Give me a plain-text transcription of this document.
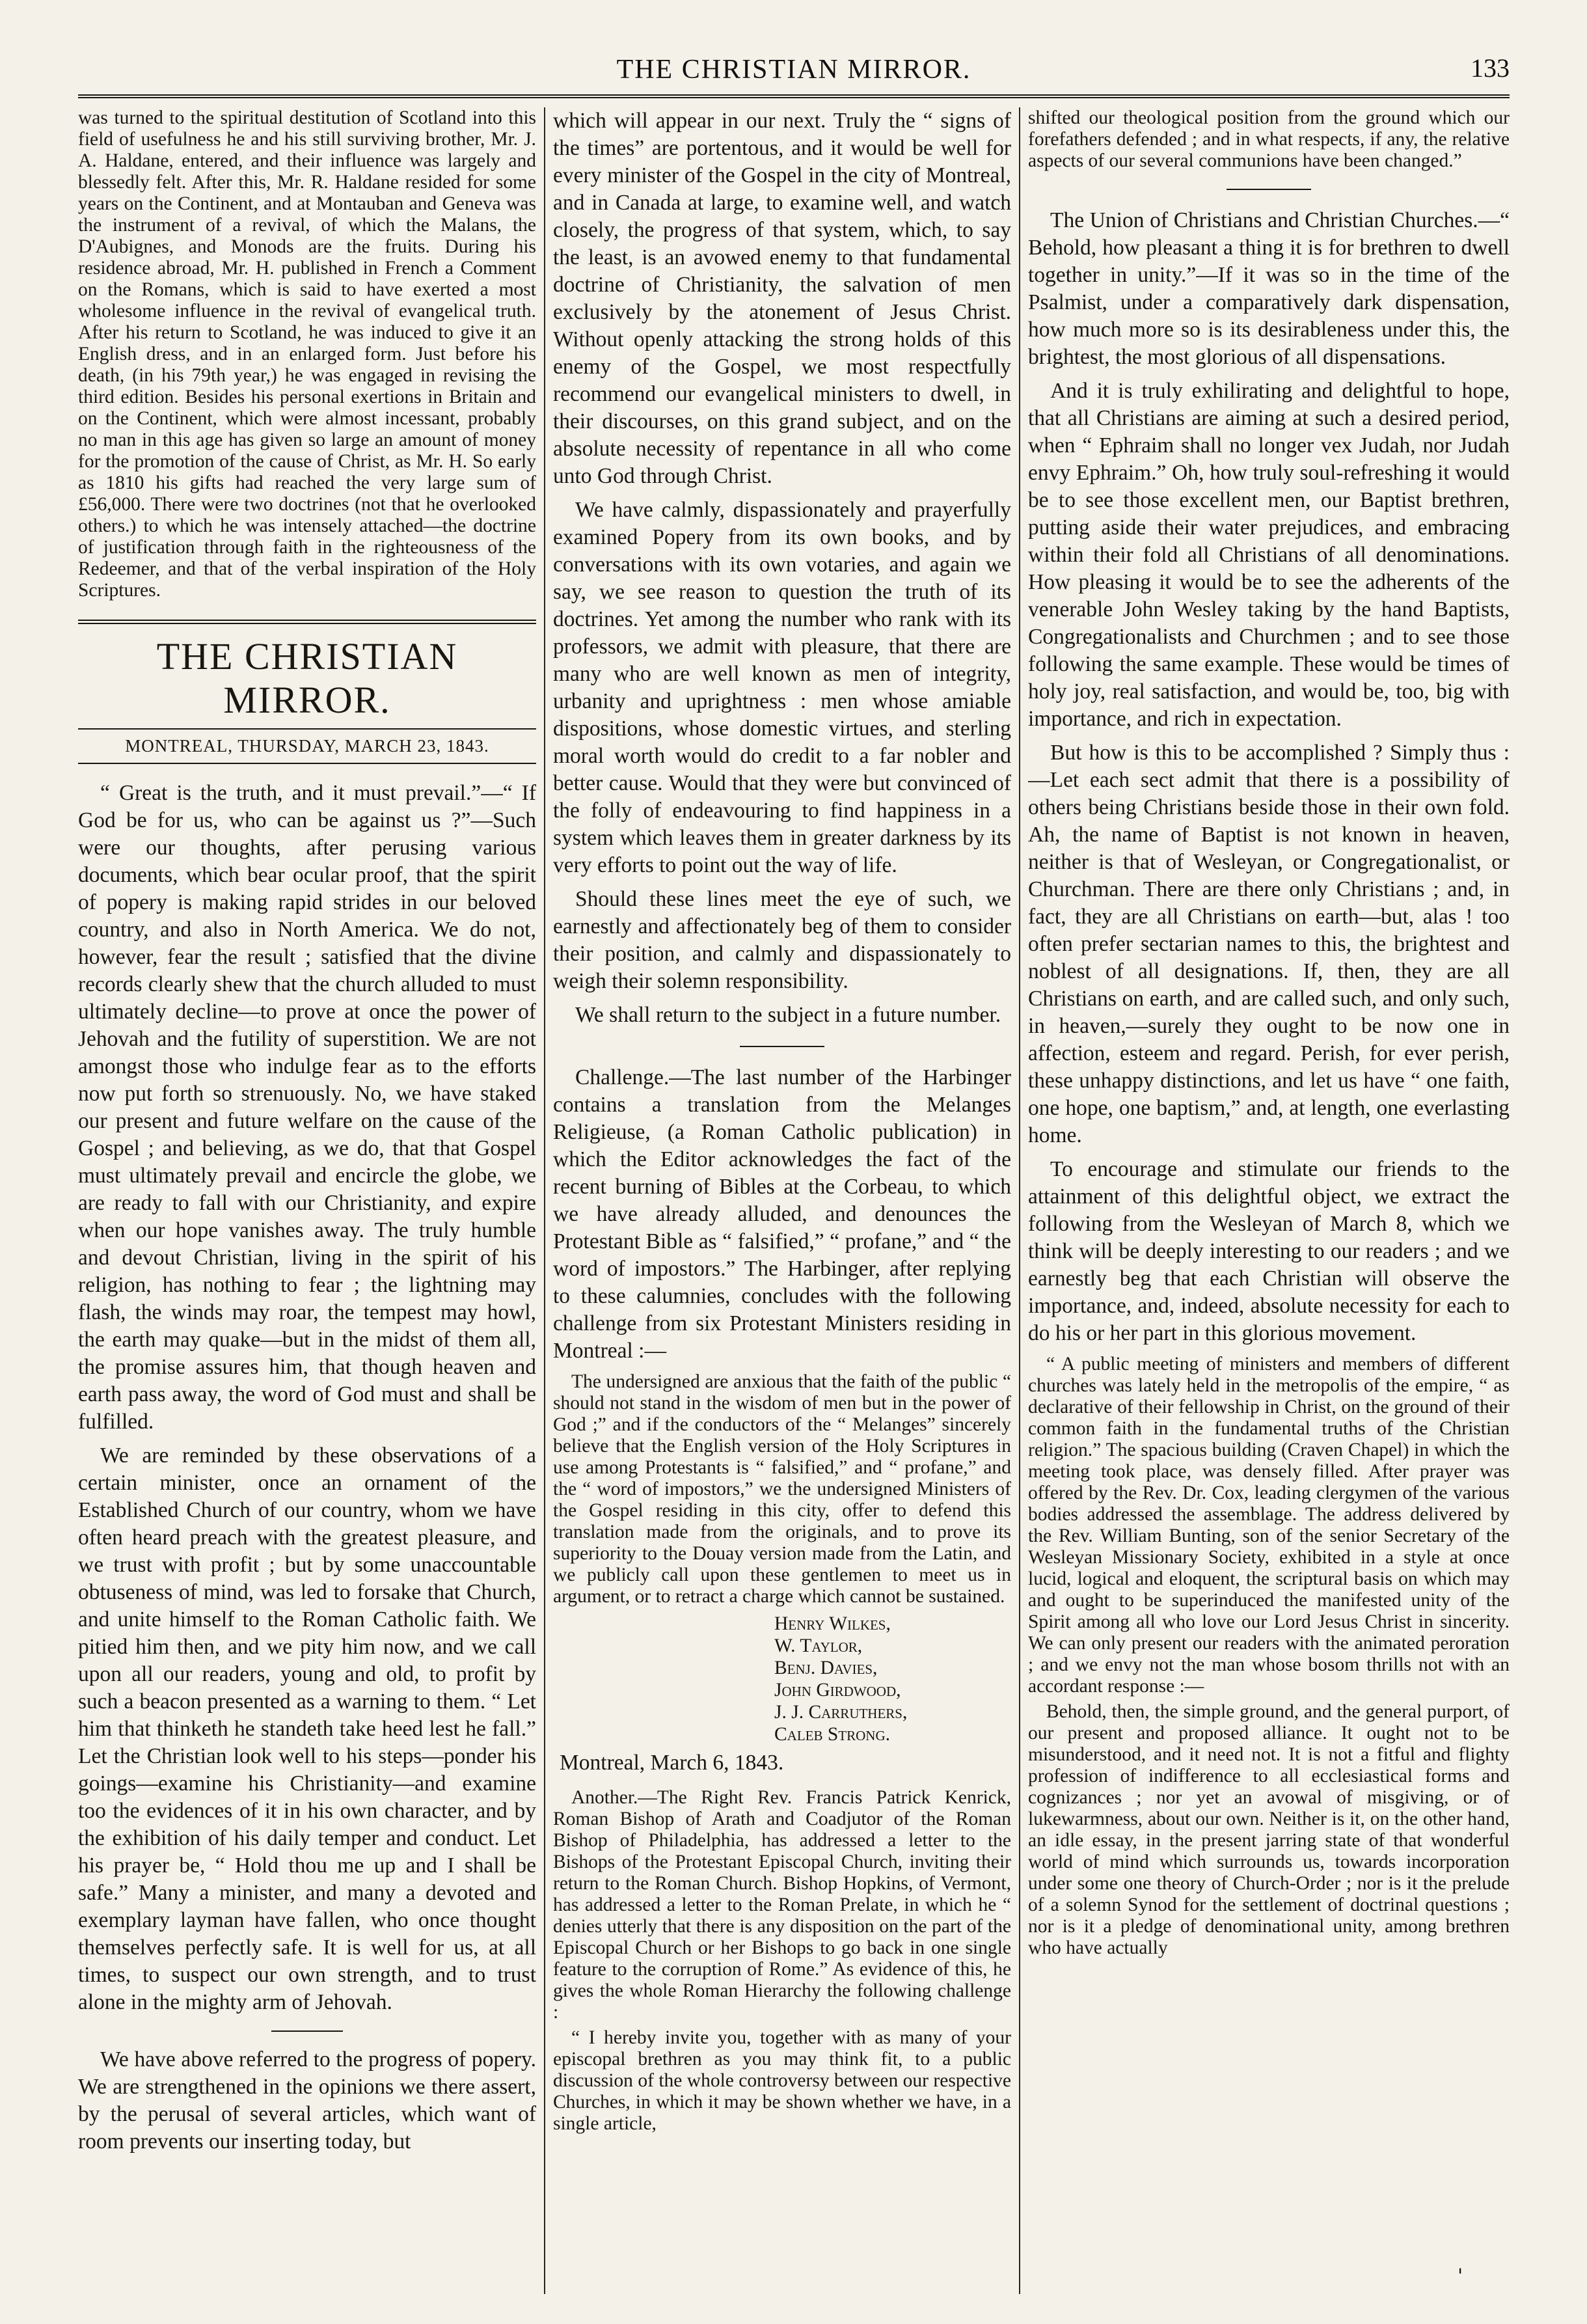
THE CHRISTIAN MIRROR.	133

was turned to the spiritual destitution of Scotland into this field of usefulness he and his still surviving brother, Mr. J. A. Haldane, entered, and their influence was largely and blessedly felt. After this, Mr. R. Haldane resided for some years on the Continent, and at Montauban and Geneva was the instrument of a revival, of which the Malans, the D'Aubignes, and Monods are the fruits. During his residence abroad, Mr. H. published in French a Comment on the Romans, which is said to have exerted a most wholesome influence in the revival of evangelical truth. After his return to Scotland, he was induced to give it an English dress, and in an enlarged form. Just before his death, (in his 79th year,) he was engaged in revising the third edition. Besides his personal exertions in Britain and on the Continent, which were almost incessant, probably no man in this age has given so large an amount of money for the promotion of the cause of Christ, as Mr. H. So early as 1810 his gifts had reached the very large sum of £56,000. There were two doctrines (not that he overlooked others.) to which he was intensely attached—the doctrine of justification through faith in the righteousness of the Redeemer, and that of the verbal inspiration of the Holy Scriptures.

THE CHRISTIAN MIRROR.

MONTREAL, THURSDAY, MARCH 23, 1843.

“ Great is the truth, and it must prevail.”—“ If God be for us, who can be against us ?”—Such were our thoughts, after perusing various documents, which bear ocular proof, that the spirit of popery is making rapid strides in our beloved country, and also in North America. We do not, however, fear the result ; satisfied that the divine records clearly shew that the church alluded to must ultimately decline—to prove at once the power of Jehovah and the futility of superstition. We are not amongst those who indulge fear as to the efforts now put forth so strenuously. No, we have staked our present and future welfare on the cause of the Gospel ; and believing, as we do, that that Gospel must ultimately prevail and encircle the globe, we are ready to fall with our Christianity, and expire when our hope vanishes away. The truly humble and devout Christian, living in the spirit of his religion, has nothing to fear ; the lightning may flash, the winds may roar, the tempest may howl, the earth may quake—but in the midst of them all, the promise assures him, that though heaven and earth pass away, the word of God must and shall be fulfilled.

We are reminded by these observations of a certain minister, once an ornament of the Established Church of our country, whom we have often heard preach with the greatest pleasure, and we trust with profit ; but by some unaccountable obtuseness of mind, was led to forsake that Church, and unite himself to the Roman Catholic faith. We pitied him then, and we pity him now, and we call upon all our readers, young and old, to profit by such a beacon presented as a warning to them. “ Let him that thinketh he standeth take heed lest he fall.” Let the Christian look well to his steps—ponder his goings—examine his Christianity—and examine too the evidences of it in his own character, and by the exhibition of his daily temper and conduct. Let his prayer be, “ Hold thou me up and I shall be safe.” Many a minister, and many a devoted and exemplary layman have fallen, who once thought themselves perfectly safe. It is well for us, at all times, to suspect our own strength, and to trust alone in the mighty arm of Jehovah.

We have above referred to the progress of popery. We are strengthened in the opinions we there assert, by the perusal of several articles, which want of room prevents our inserting today, but

which will appear in our next. Truly the “ signs of the times” are portentous, and it would be well for every minister of the Gospel in the city of Montreal, and in Canada at large, to examine well, and watch closely, the progress of that system, which, to say the least, is an avowed enemy to that fundamental doctrine of Christianity, the salvation of men exclusively by the atonement of Jesus Christ. Without openly attacking the strong holds of this enemy of the Gospel, we most respectfully recommend our evangelical ministers to dwell, in their discourses, on this grand subject, and on the absolute necessity of repentance in all who come unto God through Christ.

We have calmly, dispassionately and prayerfully examined Popery from its own books, and by conversations with its own votaries, and again we say, we see reason to question the truth of its doctrines. Yet among the number who rank with its professors, we admit with pleasure, that there are many who are well known as men of integrity, urbanity and uprightness : men whose amiable dispositions, whose domestic virtues, and sterling moral worth would do credit to a far nobler and better cause. Would that they were but convinced of the folly of endeavouring to find happiness in a system which leaves them in greater darkness by its very efforts to point out the way of life.

Should these lines meet the eye of such, we earnestly and affectionately beg of them to consider their position, and calmly and dispassionately to weigh their solemn responsibility.

We shall return to the subject in a future number.

Challenge.—The last number of the Harbinger contains a translation from the Melanges Religieuse, (a Roman Catholic publication) in which the Editor acknowledges the fact of the recent burning of Bibles at the Corbeau, to which we have already alluded, and denounces the Protestant Bible as “ falsified,” “ profane,” and “ the word of impostors.” The Harbinger, after replying to these calumnies, concludes with the following challenge from six Protestant Ministers residing in Montreal :—

The undersigned are anxious that the faith of the public “ should not stand in the wisdom of men but in the power of God ;” and if the conductors of the “ Melanges” sincerely believe that the English version of the Holy Scriptures in use among Protestants is “ falsified,” and “ profane,” and the “ word of impostors,” we the undersigned Ministers of the Gospel residing in this city, offer to defend this translation made from the originals, and to prove its superiority to the Douay version made from the Latin, and we publicly call upon these gentlemen to meet us in argument, or to retract a charge which cannot be sustained.

Henry Wilkes,
W. Taylor,
Benj. Davies,
John Girdwood,
J. J. Carruthers,
Caleb Strong.
Montreal, March 6, 1843.

Another.—The Right Rev. Francis Patrick Kenrick, Roman Bishop of Arath and Coadjutor of the Roman Bishop of Philadelphia, has addressed a letter to the Bishops of the Protestant Episcopal Church, inviting their return to the Roman Church. Bishop Hopkins, of Vermont, has addressed a letter to the Roman Prelate, in which he “ denies utterly that there is any disposition on the part of the Episcopal Church or her Bishops to go back in one single feature to the corruption of Rome.” As evidence of this, he gives the whole Roman Hierarchy the following challenge :

“ I hereby invite you, together with as many of your episcopal brethren as you may think fit, to a public discussion of the whole controversy between our respective Churches, in which it may be shown whether we have, in a single article,

shifted our theological position from the ground which our forefathers defended ; and in what respects, if any, the relative aspects of our several communions have been changed.”

The Union of Christians and Christian Churches.—“ Behold, how pleasant a thing it is for brethren to dwell together in unity.”—If it was so in the time of the Psalmist, under a comparatively dark dispensation, how much more so is its desirableness under this, the brightest, the most glorious of all dispensations.

And it is truly exhilirating and delightful to hope, that all Christians are aiming at such a desired period, when “ Ephraim shall no longer vex Judah, nor Judah envy Ephraim.” Oh, how truly soul-refreshing it would be to see those excellent men, our Baptist brethren, putting aside their water prejudices, and embracing within their fold all Christians of all denominations. How pleasing it would be to see the adherents of the venerable John Wesley taking by the hand Baptists, Congregationalists and Churchmen ; and to see those following the same example. These would be times of holy joy, real satisfaction, and would be, too, big with importance, and rich in expectation.

But how is this to be accomplished ? Simply thus :—Let each sect admit that there is a possibility of others being Christians beside those in their own fold. Ah, the name of Baptist is not known in heaven, neither is that of Wesleyan, or Congregationalist, or Churchman. There are there only Christians ; and, in fact, they are all Christians on earth—but, alas ! too often prefer sectarian names to this, the brightest and noblest of all designations. If, then, they are all Christians on earth, and are called such, and only such, in heaven,—surely they ought to be now one in affection, esteem and regard. Perish, for ever perish, these unhappy distinctions, and let us have “ one faith, one hope, one baptism,” and, at length, one everlasting home.

To encourage and stimulate our friends to the attainment of this delightful object, we extract the following from the Wesleyan of March 8, which we think will be deeply interesting to our readers ; and we earnestly beg that each Christian will observe the importance, and, indeed, absolute necessity for each to do his or her part in this glorious movement.

“ A public meeting of ministers and members of different churches was lately held in the metropolis of the empire, “ as declarative of their fellowship in Christ, on the ground of their common faith in the fundamental truths of the Christian religion.” The spacious building (Craven Chapel) in which the meeting took place, was densely filled. After prayer was offered by the Rev. Dr. Cox, leading clergymen of the various bodies addressed the assemblage. The address delivered by the Rev. William Bunting, son of the senior Secretary of the Wesleyan Missionary Society, exhibited in a style at once lucid, logical and eloquent, the scriptural basis on which may and ought to be superinduced the manifested unity of the Spirit among all who love our Lord Jesus Christ in sincerity. We can only present our readers with the animated peroration ; and we envy not the man whose bosom thrills not with an accordant response :—

Behold, then, the simple ground, and the general purport, of our present and proposed alliance. It ought not to be misunderstood, and it need not. It is not a fitful and flighty profession of indifference to all ecclesiastical forms and cognizances ; nor yet an avowal of misgiving, or of lukewarmness, about our own. Neither is it, on the other hand, an idle essay, in the present jarring state of that wonderful world of mind which surrounds us, towards incorporation under some one theory of Church-Order ; nor is it the prelude of a solemn Synod for the settlement of doctrinal questions ; nor is it a pledge of denominational unity, among brethren who have actually

'
